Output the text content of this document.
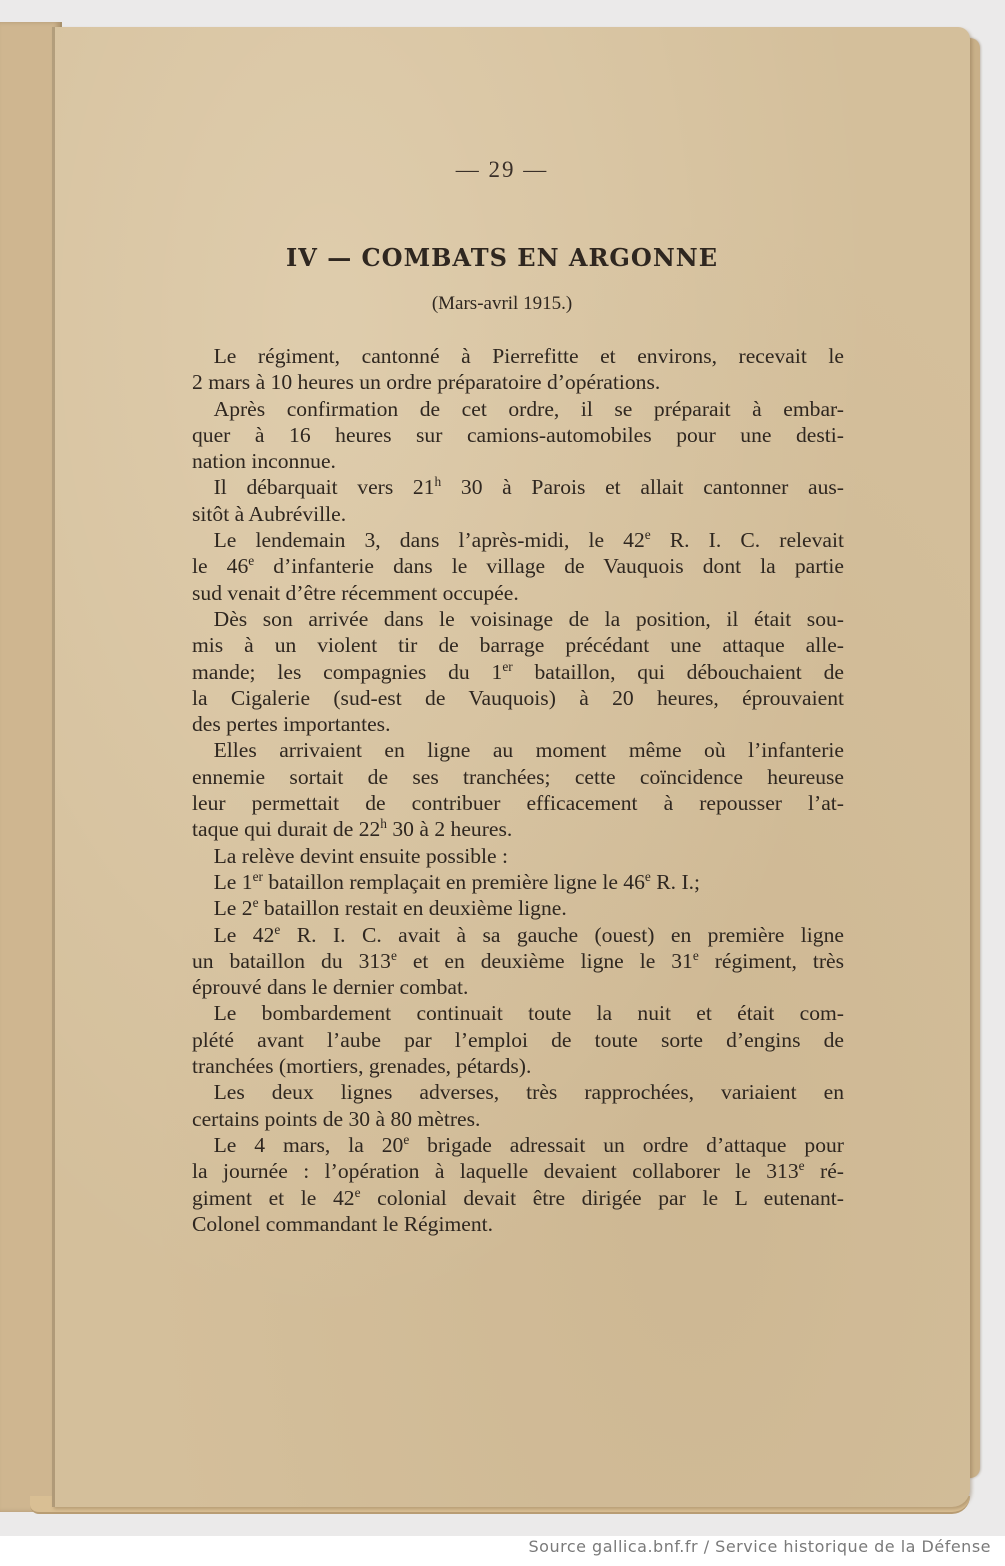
— 29 —
IV — COMBATS EN ARGONNE
(Mars-avril 1915.)

 Le régiment, cantonné à Pierrefitte et environs, recevait le
2 mars à 10 heures un ordre préparatoire d’opérations.

 Après confirmation de cet ordre, il se préparait à embar-
quer à 16 heures sur camions-automobiles pour une desti-
nation inconnue.

 Il débarquait vers 21$^h$ 30 à Parois et allait cantonner aus-
sitôt à Aubréville.

 Le lendemain 3, dans l’après-midi, le 42e R. I. C. relevait
le 46e d’infanterie dans le village de Vauquois dont la partie
sud venait d’être récemment occupée.

 Dès son arrivée dans le voisinage de la position, il était sou-
mis à un violent tir de barrage précédant une attaque alle-
mande; les compagnies du 1er bataillon, qui débouchaient de
la Cigalerie (sud-est de Vauquois) à 20 heures, éprouvaient
des pertes importantes.

 Elles arrivaient en ligne au moment même où l’infanterie
ennemie sortait de ses tranchées; cette coïncidence heureuse
leur permettait de contribuer efficacement à repousser l’at-
taque qui durait de 22$^h$ 30 à 2 heures.

 La relève devint ensuite possible :

 Le 1er bataillon remplaçait en première ligne le 46e R. I.;

 Le 2e bataillon restait en deuxième ligne.

 Le 42e R. I. C. avait à sa gauche (ouest) en première ligne
un bataillon du 313e et en deuxième ligne le 31e régiment, très
éprouvé dans le dernier combat.

 Le bombardement continuait toute la nuit et était com-
plété avant l’aube par l’emploi de toute sorte d’engins de
tranchées (mortiers, grenades, pétards).

 Les deux lignes adverses, très rapprochées, variaient en
certains points de 30 à 80 mètres.

 Le 4 mars, la 20e brigade adressait un ordre d’attaque pour
la journée : l’opération à laquelle devaient collaborer le 313e ré-
giment et le 42e colonial devait être dirigée par le L eutenant-
Colonel commandant le Régiment.

Source gallica.bnf.fr / Service historique de la Défense
